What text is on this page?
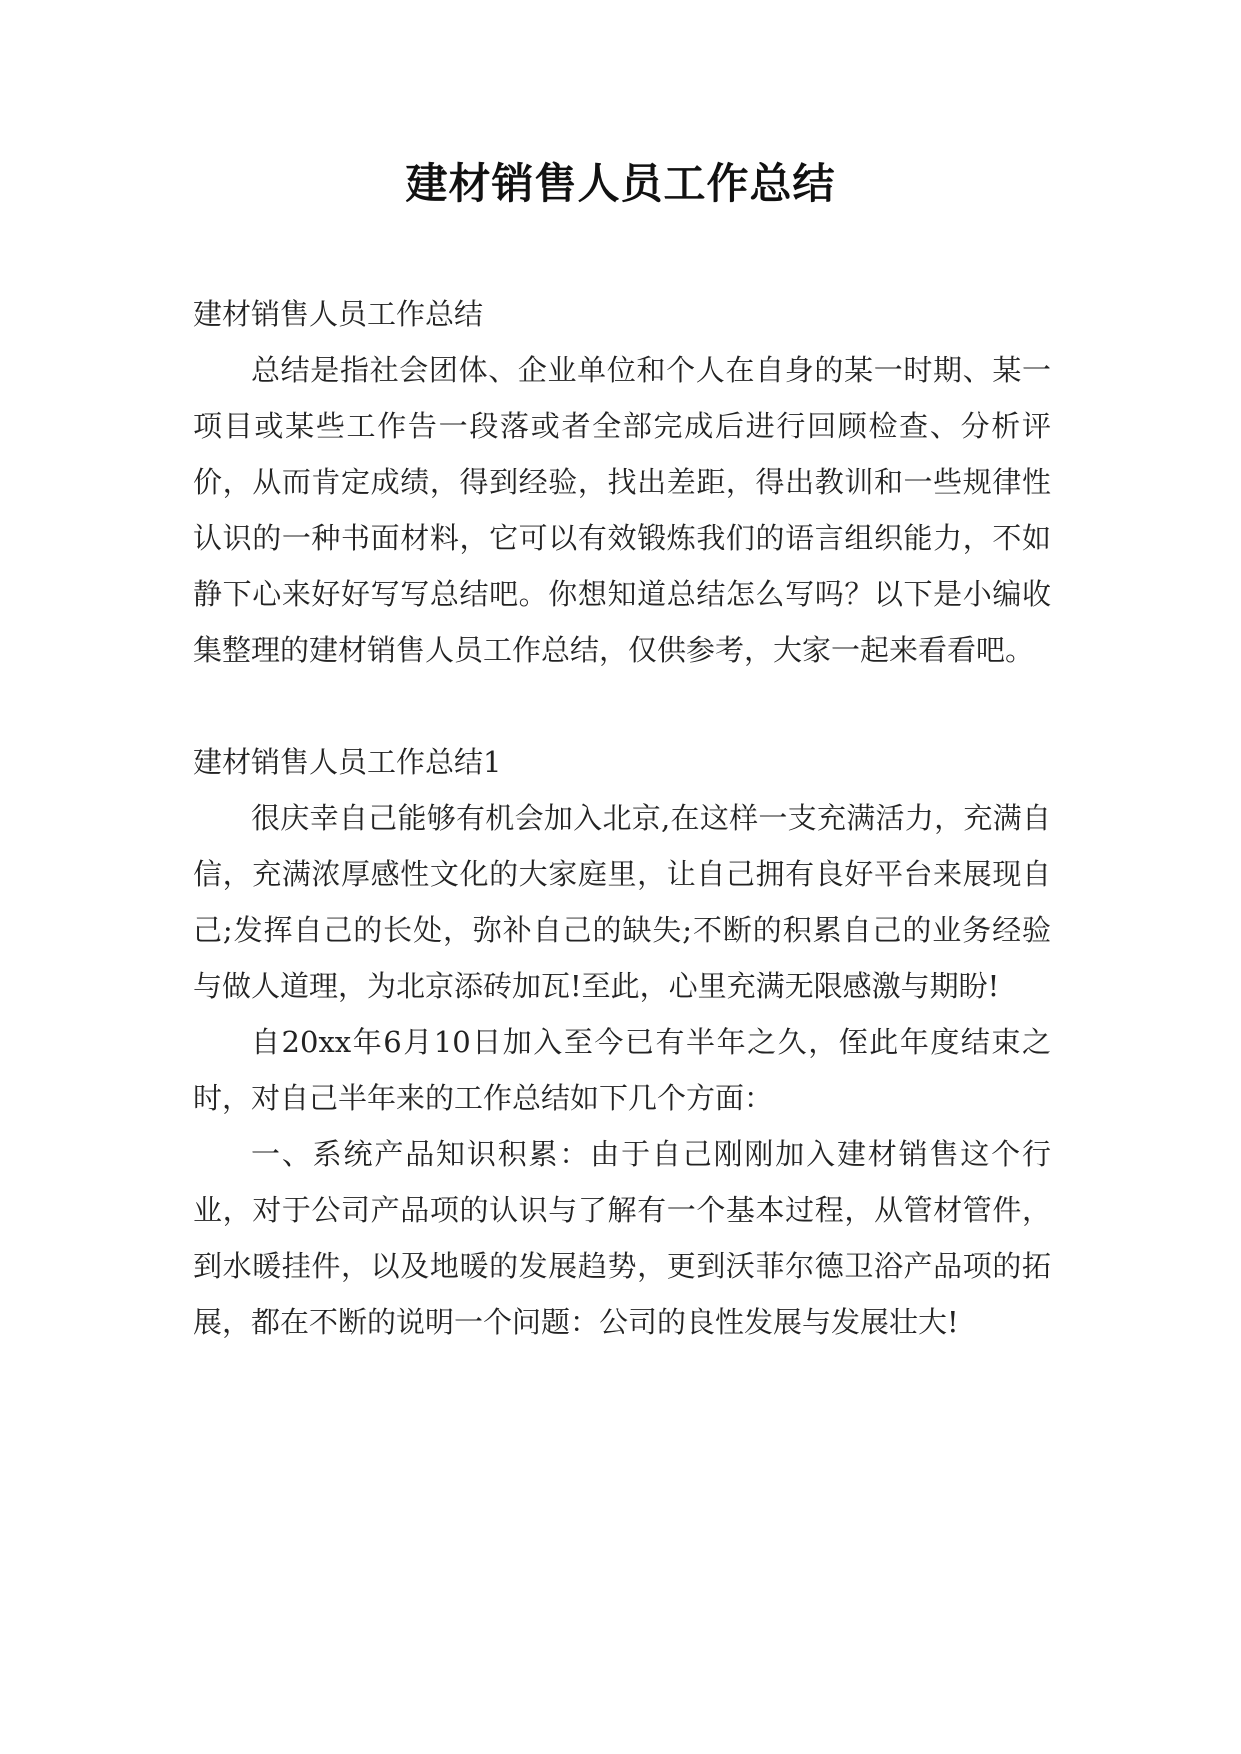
建材销售人员工作总结

建材销售人员工作总结

总结是指社会团体、企业单位和个人在自身的某一时期、某一项目或某些工作告一段落或者全部完成后进行回顾检查、分析评价，从而肯定成绩，得到经验，找出差距，得出教训和一些规律性认识的一种书面材料，它可以有效锻炼我们的语言组织能力，不如静下心来好好写写总结吧。你想知道总结怎么写吗？以下是小编收集整理的建材销售人员工作总结，仅供参考，大家一起来看看吧。

建材销售人员工作总结1

很庆幸自己能够有机会加入北京,在这样一支充满活力，充满自信，充满浓厚感性文化的大家庭里，让自己拥有良好平台来展现自己;发挥自己的长处，弥补自己的缺失;不断的积累自己的业务经验与做人道理，为北京添砖加瓦!至此，心里充满无限感激与期盼!

自20xx年6月10日加入至今已有半年之久，侄此年度结束之时，对自己半年来的工作总结如下几个方面：

一、系统产品知识积累：由于自己刚刚加入建材销售这个行业，对于公司产品项的认识与了解有一个基本过程，从管材管件，到水暖挂件，以及地暖的发展趋势，更到沃菲尔德卫浴产品项的拓展，都在不断的说明一个问题：公司的良性发展与发展壮大!
